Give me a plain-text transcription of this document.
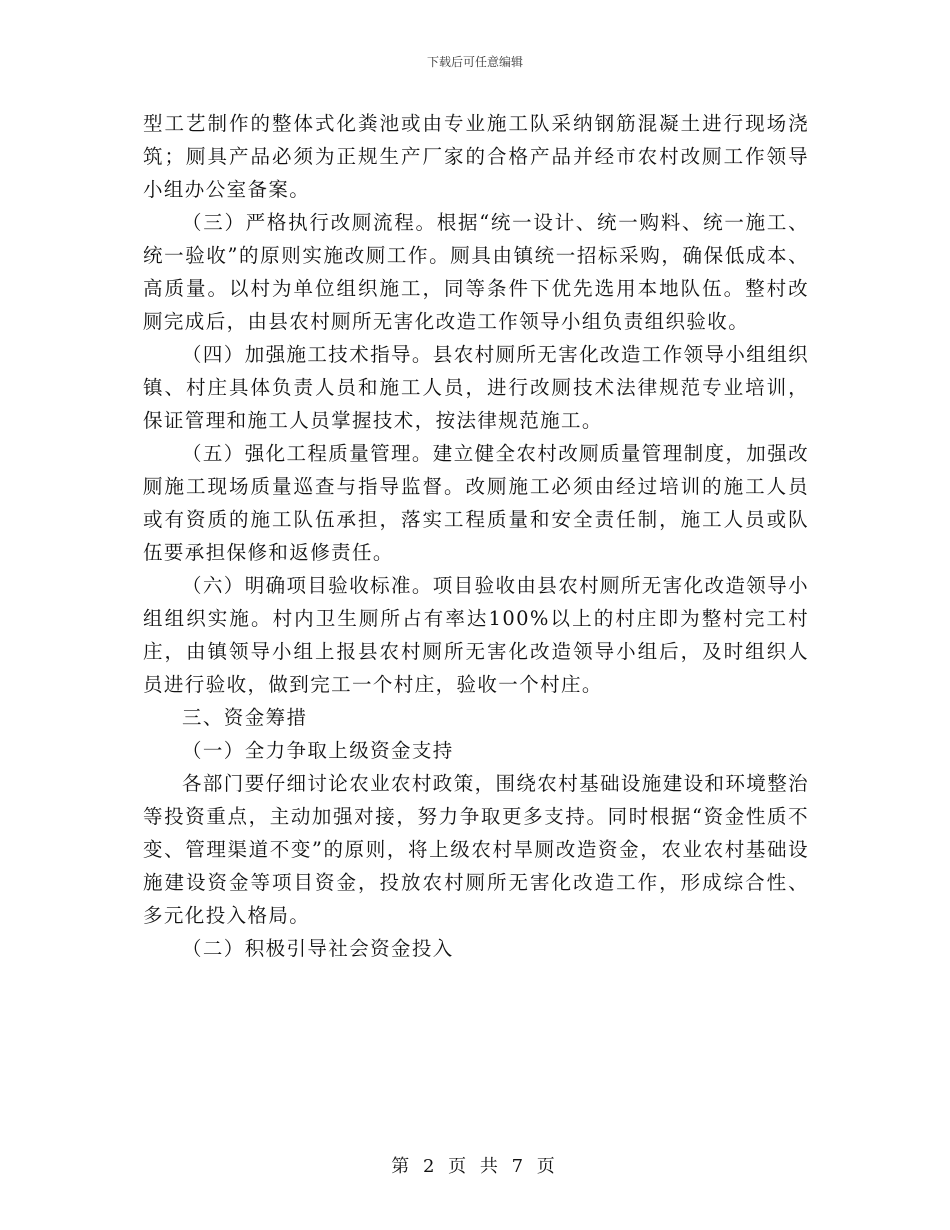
下载后可任意编辑

型工艺制作的整体式化粪池或由专业施工队采纳钢筋混凝土进行现场浇筑；厕具产品必须为正规生产厂家的合格产品并经市农村改厕工作领导小组办公室备案。

（三）严格执行改厕流程。根据“统一设计、统一购料、统一施工、统一验收”的原则实施改厕工作。厕具由镇统一招标采购，确保低成本、高质量。以村为单位组织施工，同等条件下优先选用本地队伍。整村改厕完成后，由县农村厕所无害化改造工作领导小组负责组织验收。

（四）加强施工技术指导。县农村厕所无害化改造工作领导小组组织镇、村庄具体负责人员和施工人员，进行改厕技术法律规范专业培训，保证管理和施工人员掌握技术，按法律规范施工。

（五）强化工程质量管理。建立健全农村改厕质量管理制度，加强改厕施工现场质量巡查与指导监督。改厕施工必须由经过培训的施工人员或有资质的施工队伍承担，落实工程质量和安全责任制，施工人员或队伍要承担保修和返修责任。

（六）明确项目验收标准。项目验收由县农村厕所无害化改造领导小组组织实施。村内卫生厕所占有率达100%以上的村庄即为整村完工村庄，由镇领导小组上报县农村厕所无害化改造领导小组后，及时组织人员进行验收，做到完工一个村庄，验收一个村庄。

三、资金筹措

（一）全力争取上级资金支持

各部门要仔细讨论农业农村政策，围绕农村基础设施建设和环境整治等投资重点，主动加强对接，努力争取更多支持。同时根据“资金性质不变、管理渠道不变”的原则，将上级农村旱厕改造资金，农业农村基础设施建设资金等项目资金，投放农村厕所无害化改造工作，形成综合性、多元化投入格局。

（二）积极引导社会资金投入

第 2 页 共 7 页
